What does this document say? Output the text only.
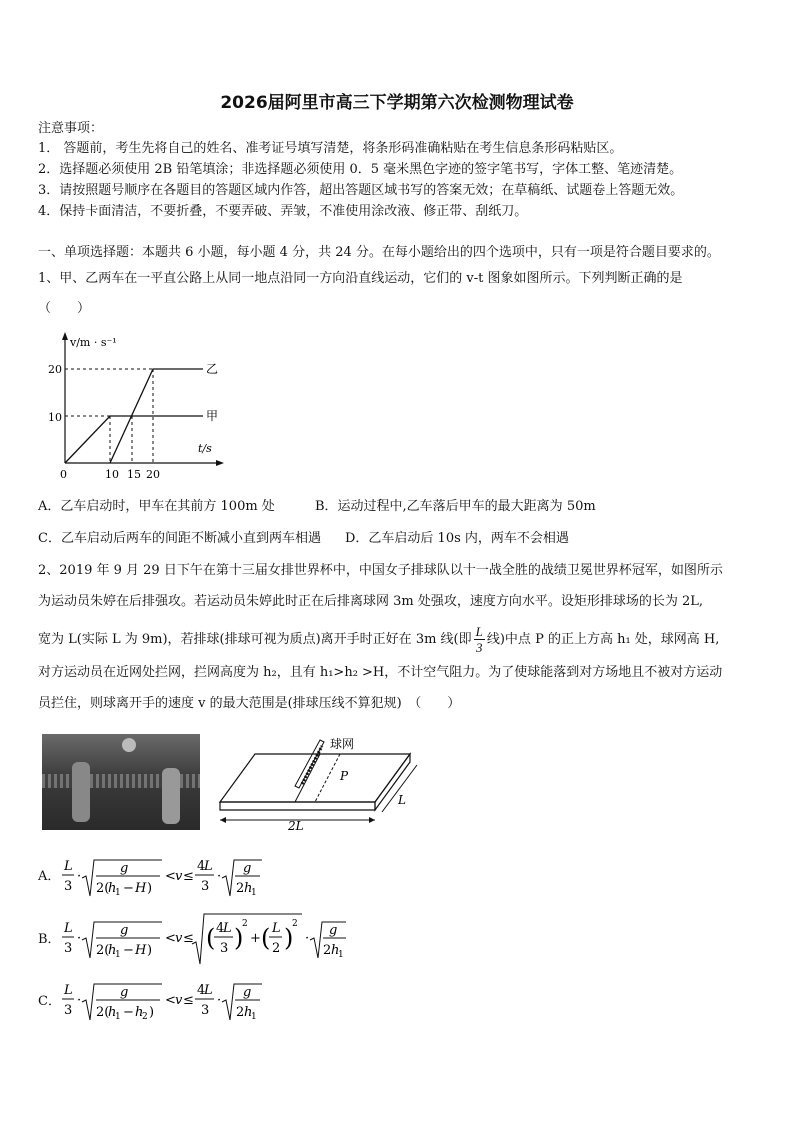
2026届阿里市高三下学期第六次检测物理试卷
注意事项：
1． 答题前，考生先将自己的姓名、准考证号填写清楚，将条形码准确粘贴在考生信息条形码粘贴区。
2．选择题必须使用 2B 铅笔填涂；非选择题必须使用 0．5 毫米黑色字迹的签字笔书写，字体工整、笔迹清楚。
3．请按照题号顺序在各题目的答题区域内作答，超出答题区域书写的答案无效；在草稿纸、试题卷上答题无效。
4．保持卡面清洁，不要折叠，不要弄破、弄皱，不准使用涂改液、修正带、刮纸刀。
一、单项选择题：本题共 6 小题，每小题 4 分，共 24 分。在每小题给出的四个选项中，只有一项是符合题目要求的。
1、甲、乙两车在一平直公路上从同一地点沿同一方向沿直线运动，它们的 v-t 图象如图所示。下列判断正确的是
（　　）
v/m · s⁻¹
t/s
20
10
0	10 15 20
乙
甲
A．乙车启动时，甲车在其前方 100m 处	B．运动过程中,乙车落后甲车的最大距离为 50m
C．乙车启动后两车的间距不断减小直到两车相遇 D．乙车启动后 10s 内，两车不会相遇
2、2019 年 9 月 29 日下午在第十三届女排世界杯中，中国女子排球队以十一战全胜的战绩卫冕世界杯冠军，如图所示
为运动员朱婷在后排强攻。若运动员朱婷此时正在后排离球网 3m 处强攻，速度方向水平。设矩形排球场的长为 2L,
宽为 L(实际 L 为 9m)，若排球(排球可视为质点)离开手时正好在 3m 线(即 $\frac{L}{3}$ 线)中点 P 的正上方高 h₁ 处，球网高 H,
对方运动员在近网处拦网，拦网高度为 h₂，且有 h₁>h₂ >H，不计空气阻力。为了使球能落到对方场地且不被对方运动
员拦住，则球离开手的速度 v 的最大范围是(排球压线不算犯规)　（　　）
球网
P
2L
L
A．
L
3
·
g
2(
h
1 − H )
< v ≤
4
L
3
·
g
2 h
1
B．
L
3
·
g
2(
h
1 − H )
< v ≤ ( 4
L
3 )
2
+ ( L
2 )
2
·
g
2 h
1
C．
L
3
·
g
2(
h
1 − h
2 )
< v ≤
4
L
3
·
g
2 h
1
